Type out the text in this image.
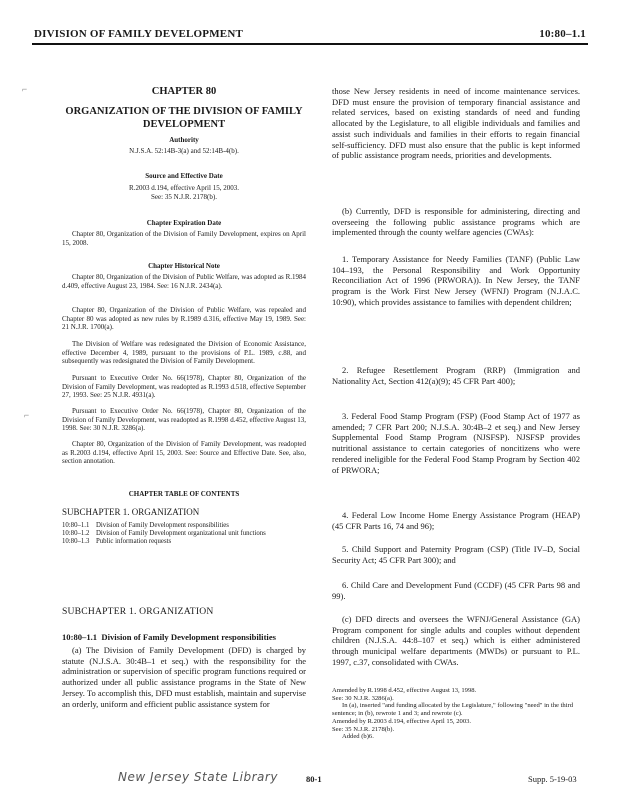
DIVISION OF FAMILY DEVELOPMENT	10:80–1.1
⌐
⌐
CHAPTER 80
ORGANIZATION OF THE DIVISION OF FAMILY DEVELOPMENT
Authority
N.J.S.A. 52:14B-3(a) and 52:14B-4(b).
Source and Effective Date
R.2003 d.194, effective April 15, 2003.
See: 35 N.J.R. 2178(b).
Chapter Expiration Date
Chapter 80, Organization of the Division of Family Development, expires on April 15, 2008.
Chapter Historical Note
Chapter 80, Organization of the Division of Public Welfare, was adopted as R.1984 d.409, effective August 23, 1984. See: 16 N.J.R. 2434(a).
Chapter 80, Organization of the Division of Public Welfare, was repealed and Chapter 80 was adopted as new rules by R.1989 d.316, effective May 19, 1989. See: 21 N.J.R. 1700(a).
The Division of Welfare was redesignated the Division of Economic Assistance, effective December 4, 1989, pursuant to the provisions of P.L. 1989, c.88, and subsequently was redesignated the Division of Family Development.
Pursuant to Executive Order No. 66(1978), Chapter 80, Organization of the Division of Family Development, was readopted as R.1993 d.518, effective September 27, 1993. See: 25 N.J.R. 4931(a).
Pursuant to Executive Order No. 66(1978), Chapter 80, Organization of the Division of Family Development, was readopted as R.1998 d.452, effective August 13, 1998. See: 30 N.J.R. 3286(a).
Chapter 80, Organization of the Division of Family Development, was readopted as R.2003 d.194, effective April 15, 2003. See: Source and Effective Date. See, also, section annotation.
CHAPTER TABLE OF CONTENTS
SUBCHAPTER 1. ORGANIZATION
10:80–1.1 Division of Family Development responsibilities
10:80–1.2 Division of Family Development organizational unit functions
10:80–1.3 Public information requests
SUBCHAPTER 1. ORGANIZATION
10:80–1.1 Division of Family Development responsibilities
(a) The Division of Family Development (DFD) is charged by statute (N.J.S.A. 30:4B–1 et seq.) with the responsibility for the administration or supervision of specific program functions required or authorized under all public assistance programs in the State of New Jersey. To accomplish this, DFD must establish, maintain and supervise an orderly, uniform and efficient public assistance system for
those New Jersey residents in need of income maintenance services. DFD must ensure the provision of temporary financial assistance and related services, based on existing standards of need and funding allocated by the Legislature, to all eligible individuals and families and assist such individuals and families in their efforts to regain financial self-sufficiency. DFD must also ensure that the public is kept informed of public assistance program needs, priorities and developments.
(b) Currently, DFD is responsible for administering, directing and overseeing the following public assistance programs which are implemented through the county welfare agencies (CWAs):
1. Temporary Assistance for Needy Families (TANF) (Public Law 104–193, the Personal Responsibility and Work Opportunity Reconciliation Act of 1996 (PRWORA)). In New Jersey, the TANF program is the Work First New Jersey (WFNJ) Program (N.J.A.C. 10:90), which provides assistance to families with dependent children;
2. Refugee Resettlement Program (RRP) (Immigration and Nationality Act, Section 412(a)(9); 45 CFR Part 400);
3. Federal Food Stamp Program (FSP) (Food Stamp Act of 1977 as amended; 7 CFR Part 200; N.J.S.A. 30:4B–2 et seq.) and New Jersey Supplemental Food Stamp Program (NJSFSP). NJSFSP provides nutritional assistance to certain categories of noncitizens who were rendered ineligible for the Federal Food Stamp Program by Section 402 of PRWORA;
4. Federal Low Income Home Energy Assistance Program (HEAP) (45 CFR Parts 16, 74 and 96);
5. Child Support and Paternity Program (CSP) (Title IV–D, Social Security Act; 45 CFR Part 300); and
6. Child Care and Development Fund (CCDF) (45 CFR Parts 98 and 99).
(c) DFD directs and oversees the WFNJ/General Assistance (GA) Program component for single adults and couples without dependent children (N.J.S.A. 44:8–107 et seq.) which is either administered through municipal welfare departments (MWDs) or pursuant to P.L. 1997, c.37, consolidated with CWAs.
Amended by R.1998 d.452, effective August 13, 1998.
See: 30 N.J.R. 3286(a).
In (a), inserted "and funding allocated by the Legislature," following "need" in the third sentence; in (b), rewrote 1 and 3; and rewrote (c).
Amended by R.2003 d.194, effective April 15, 2003.
See: 35 N.J.R. 2178(b).
Added (b)6.
New Jersey State Library	80-1	Supp. 5-19-03
